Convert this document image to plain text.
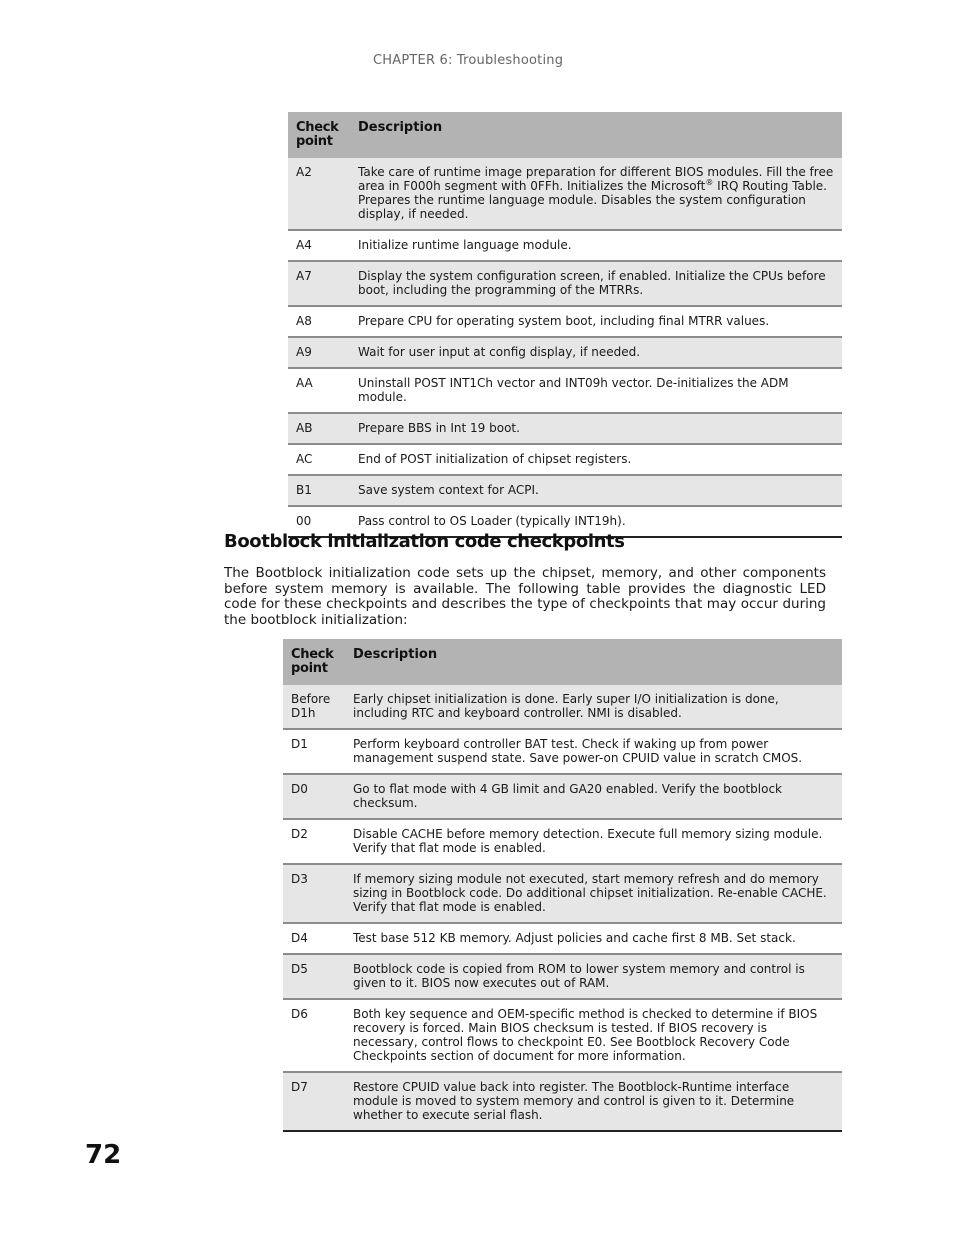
CHAPTER 6: Troubleshooting
Check point	Description
A2	Take care of runtime image preparation for different BIOS modules. Fill the free area in F000h segment with 0FFh. Initializes the Microsoft® IRQ Routing Table. Prepares the runtime language module. Disables the system configuration display, if needed.
A4	Initialize runtime language module.
A7	Display the system configuration screen, if enabled. Initialize the CPUs before boot, including the programming of the MTRRs.
A8	Prepare CPU for operating system boot, including final MTRR values.
A9	Wait for user input at config display, if needed.
AA	Uninstall POST INT1Ch vector and INT09h vector. De-initializes the ADM module.
AB	Prepare BBS in Int 19 boot.
AC	End of POST initialization of chipset registers.
B1	Save system context for ACPI.
00	Pass control to OS Loader (typically INT19h).
Bootblock initialization code checkpoints

The Bootblock initialization code sets up the chipset, memory, and other components before system memory is available. The following table provides the diagnostic LED code for these checkpoints and describes the type of checkpoints that may occur during the bootblock initialization:

Check point	Description
Before D1h	Early chipset initialization is done. Early super I/O initialization is done, including RTC and keyboard controller. NMI is disabled.
D1	Perform keyboard controller BAT test. Check if waking up from power management suspend state. Save power-on CPUID value in scratch CMOS.
D0	Go to flat mode with 4 GB limit and GA20 enabled. Verify the bootblock checksum.
D2	Disable CACHE before memory detection. Execute full memory sizing module. Verify that flat mode is enabled.
D3	If memory sizing module not executed, start memory refresh and do memory sizing in Bootblock code. Do additional chipset initialization. Re-enable CACHE. Verify that flat mode is enabled.
D4	Test base 512 KB memory. Adjust policies and cache first 8 MB. Set stack.
D5	Bootblock code is copied from ROM to lower system memory and control is given to it. BIOS now executes out of RAM.
D6	Both key sequence and OEM-specific method is checked to determine if BIOS recovery is forced. Main BIOS checksum is tested. If BIOS recovery is necessary, control flows to checkpoint E0. See Bootblock Recovery Code Checkpoints section of document for more information.
D7	Restore CPUID value back into register. The Bootblock-Runtime interface module is moved to system memory and control is given to it. Determine whether to execute serial flash.
72
